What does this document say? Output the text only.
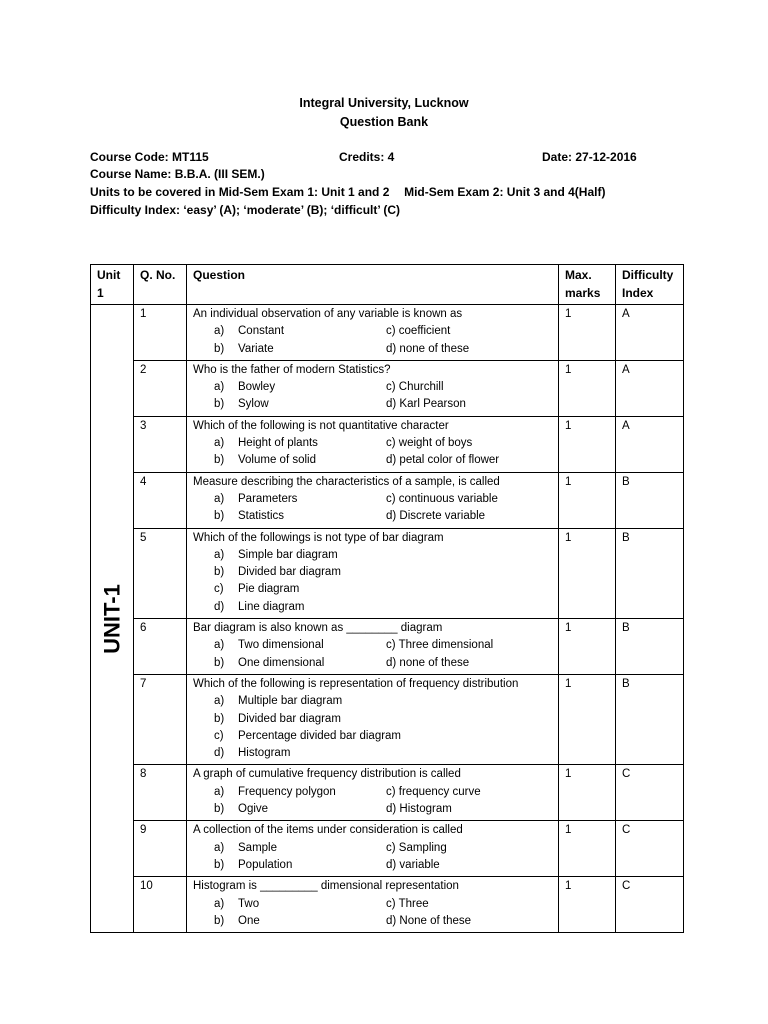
Integral University, Lucknow
Question Bank
Course Code: MT115	Credits: 4	Date: 27-12-2016
Course Name: B.B.A. (III SEM.)
Units to be covered in Mid-Sem Exam 1: Unit 1 and 2 Mid-Sem Exam 2: Unit 3 and 4(Half)
Difficulty Index: ‘easy’ (A); ‘moderate’ (B); ‘difficult’ (C)
Unit 1	Q. No.	Question	Max. marks	Difficulty Index

UNIT-1	1	An individual observation of any variable is known as
a) Constant c) coefficient
b) Variate d) none of these	1	A
	2	Who is the father of modern Statistics?
a) Bowley c) Churchill
b) Sylow d) Karl Pearson	1	A
	3	Which of the following is not quantitative character
a) Height of plants c) weight of boys
b) Volume of solid d) petal color of flower	1	A
	4	Measure describing the characteristics of a sample, is called
a) Parameters c) continuous variable
b) Statistics d) Discrete variable	1	B
	5	Which of the followings is not type of bar diagram
a) Simple bar diagram
b) Divided bar diagram
c) Pie diagram
d) Line diagram	1	B
	6	Bar diagram is also known as ________ diagram
a) Two dimensional c) Three dimensional
b) One dimensional d) none of these	1	B
	7	Which of the following is representation of frequency distribution
a) Multiple bar diagram
b) Divided bar diagram
c) Percentage divided bar diagram
d) Histogram	1	B
	8	A graph of cumulative frequency distribution is called
a) Frequency polygon c) frequency curve
b) Ogive d) Histogram	1	C
	9	A collection of the items under consideration is called
a) Sample c) Sampling
b) Population d) variable	1	C
	10	Histogram is _________ dimensional representation
a) Two c) Three
b) One d) None of these	1	C
